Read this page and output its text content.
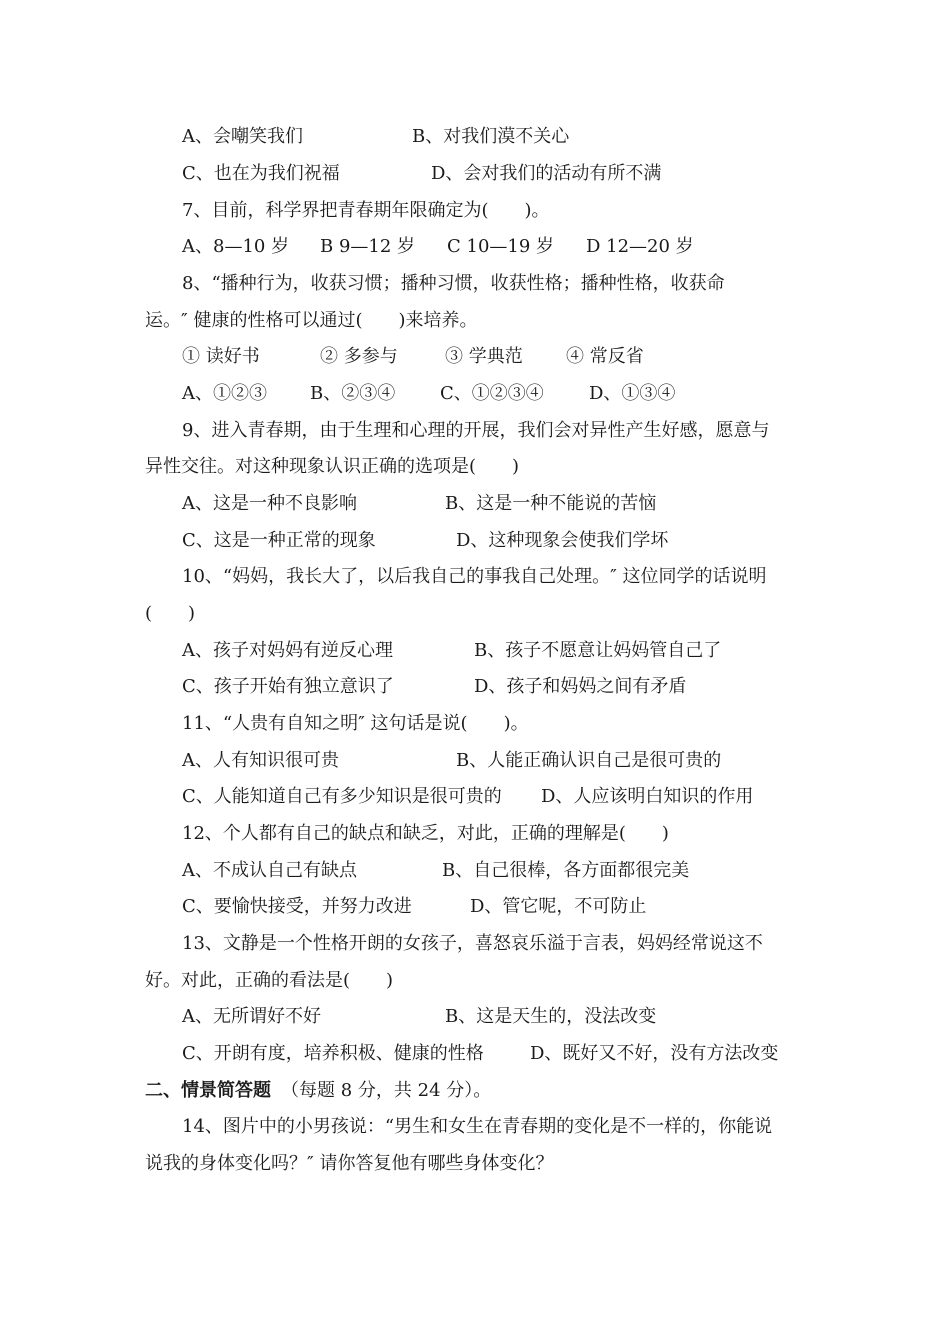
A、会嘲笑我们	B、对我们漠不关心
C、也在为我们祝福	D、会对我们的活动有所不满
7、目前，科学界把青春期年限确定为(　　)。
A、8—10 岁 B 9—12 岁 C 10—19 岁 D 12—20 岁
8、“播种行为，收获习惯；播种习惯，收获性格；播种性格，收获命
运。″ 健康的性格可以通过(　　)来培养。
① 读好书	② 多参与	③ 学典范 ④ 常反省
A、①②③ B、②③④ C、①②③④	D、①③④
9、进入青春期，由于生理和心理的开展，我们会对异性产生好感，愿意与
异性交往。对这种现象认识正确的选项是(　　)
A、这是一种不良影响	B、这是一种不能说的苦恼
C、这是一种正常的现象	D、这种现象会使我们学坏
10、“妈妈，我长大了，以后我自己的事我自己处理。″ 这位同学的话说明
(　　)
A、孩子对妈妈有逆反心理	B、孩子不愿意让妈妈管自己了
C、孩子开始有独立意识了	D、孩子和妈妈之间有矛盾
11、“人贵有自知之明″ 这句话是说(　　)。
A、人有知识很可贵	B、人能正确认识自己是很可贵的
C、人能知道自己有多少知识是很可贵的 D、人应该明白知识的作用
12、个人都有自己的缺点和缺乏，对此，正确的理解是(　　)
A、不成认自己有缺点	B、自己很棒，各方面都很完美
C、要愉快接受，并努力改进	D、管它呢，不可防止
13、文静是一个性格开朗的女孩子，喜怒哀乐溢于言表，妈妈经常说这不
好。对此，正确的看法是(　　)
A、无所谓好不好	B、这是天生的，没法改变
C、开朗有度，培养积极、健康的性格	D、既好又不好，没有方法改变
二、情景简答题 （每题 8 分，共 24 分）。
14、图片中的小男孩说：“男生和女生在青春期的变化是不一样的，你能说
说我的身体变化吗？″ 请你答复他有哪些身体变化？
